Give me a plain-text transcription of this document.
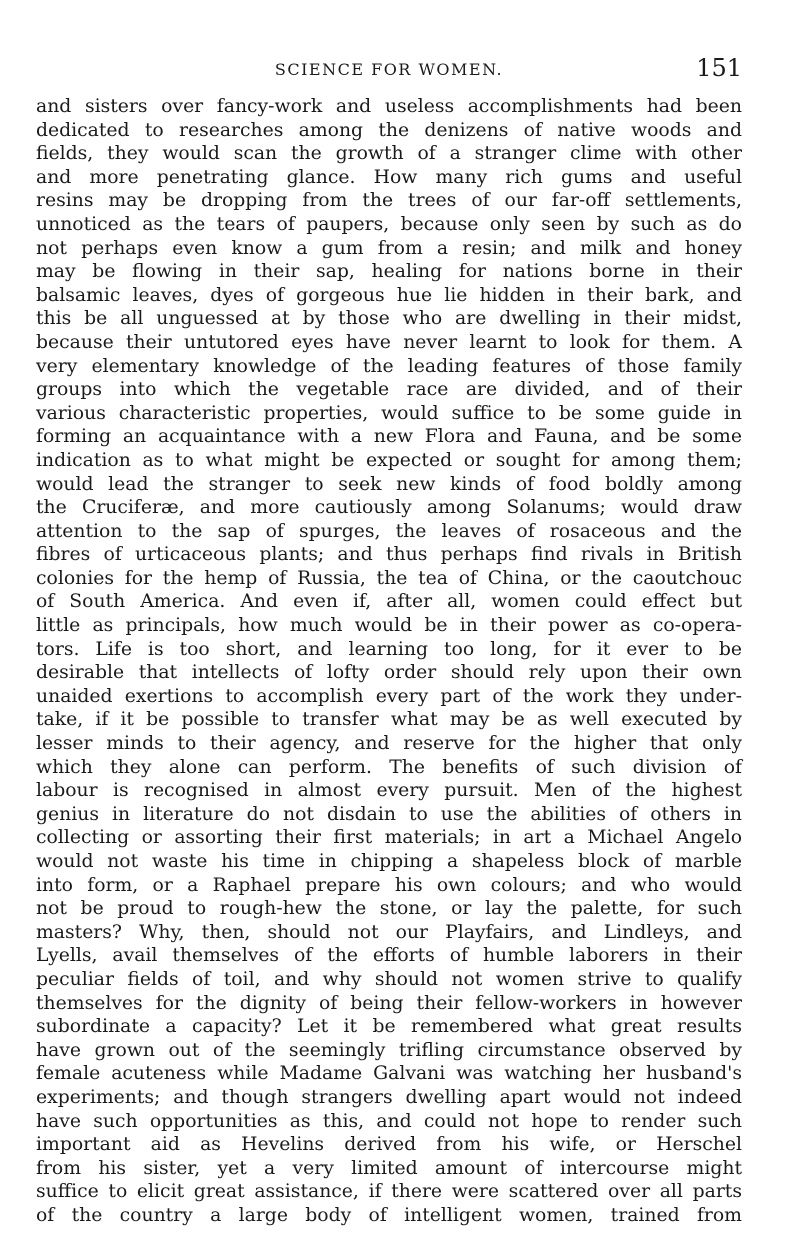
SCIENCE FOR WOMEN.	151
and sisters over fancy-work and useless accomplishments had been
dedicated to researches among the denizens of native woods and
fields, they would scan the growth of a stranger clime with other
and more penetrating glance. How many rich gums and useful
resins may be dropping from the trees of our far-off settlements,
unnoticed as the tears of paupers, because only seen by such as do
not perhaps even know a gum from a resin; and milk and honey
may be flowing in their sap, healing for nations borne in their
balsamic leaves, dyes of gorgeous hue lie hidden in their bark, and
this be all unguessed at by those who are dwelling in their midst,
because their untutored eyes have never learnt to look for them. A
very elementary knowledge of the leading features of those family
groups into which the vegetable race are divided, and of their
various characteristic properties, would suffice to be some guide in
forming an acquaintance with a new Flora and Fauna, and be some
indication as to what might be expected or sought for among them;
would lead the stranger to seek new kinds of food boldly among
the Cruciferæ, and more cautiously among Solanums; would draw
attention to the sap of spurges, the leaves of rosaceous and the
fibres of urticaceous plants; and thus perhaps find rivals in British
colonies for the hemp of Russia, the tea of China, or the caoutchouc
of South America. And even if, after all, women could effect but
little as principals, how much would be in their power as co-opera-
tors. Life is too short, and learning too long, for it ever to be
desirable that intellects of lofty order should rely upon their own
unaided exertions to accomplish every part of the work they under-
take, if it be possible to transfer what may be as well executed by
lesser minds to their agency, and reserve for the higher that only
which they alone can perform. The benefits of such division of
labour is recognised in almost every pursuit. Men of the highest
genius in literature do not disdain to use the abilities of others in
collecting or assorting their first materials; in art a Michael Angelo
would not waste his time in chipping a shapeless block of marble
into form, or a Raphael prepare his own colours; and who would
not be proud to rough-hew the stone, or lay the palette, for such
masters? Why, then, should not our Playfairs, and Lindleys, and
Lyells, avail themselves of the efforts of humble laborers in their
peculiar fields of toil, and why should not women strive to qualify
themselves for the dignity of being their fellow-workers in however
subordinate a capacity? Let it be remembered what great results
have grown out of the seemingly trifling circumstance observed by
female acuteness while Madame Galvani was watching her husband's
experiments; and though strangers dwelling apart would not indeed
have such opportunities as this, and could not hope to render such
important aid as Hevelins derived from his wife, or Herschel
from his sister, yet a very limited amount of intercourse might
suffice to elicit great assistance, if there were scattered over all parts
of the country a large body of intelligent women, trained from
